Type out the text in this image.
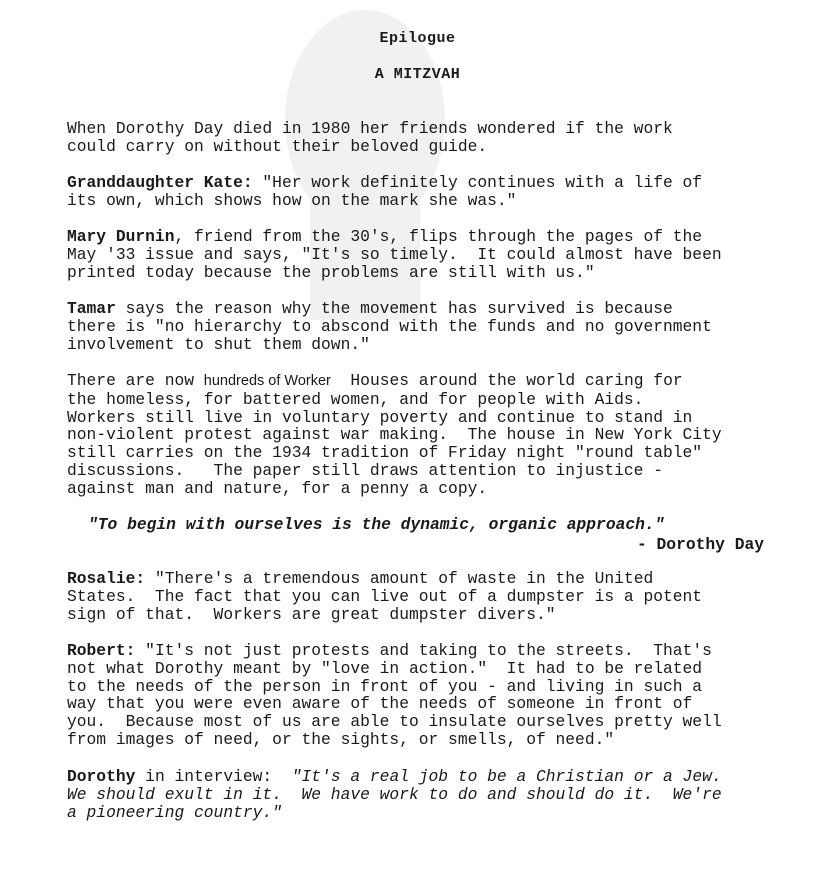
Epilogue
A MITZVAH
When Dorothy Day died in 1980 her friends wondered if the work
could carry on without their beloved guide.
Granddaughter Kate: "Her work definitely continues with a life of
its own, which shows how on the mark she was."
Mary Durnin, friend from the 30's, flips through the pages of the
May '33 issue and says, "It's so timely.  It could almost have been
printed today because the problems are still with us."
Tamar says the reason why the movement has survived is because
there is "no hierarchy to abscond with the funds and no government
involvement to shut them down."
There are now hundreds of Worker  Houses around the world caring for
the homeless, for battered women, and for people with Aids.
Workers still live in voluntary poverty and continue to stand in
non-violent protest against war making.  The house in New York City
still carries on the 1934 tradition of Friday night "round table"
discussions.   The paper still draws attention to injustice -
against man and nature, for a penny a copy.
"To begin with ourselves is the dynamic, organic approach."
- Dorothy Day
Rosalie: "There's a tremendous amount of waste in the United
States.  The fact that you can live out of a dumpster is a potent
sign of that.  Workers are great dumpster divers."
Robert: "It's not just protests and taking to the streets.  That's
not what Dorothy meant by "love in action."  It had to be related
to the needs of the person in front of you - and living in such a
way that you were even aware of the needs of someone in front of
you.  Because most of us are able to insulate ourselves pretty well
from images of need, or the sights, or smells, of need."
Dorothy in interview:  "It's a real job to be a Christian or a Jew.
We should exult in it.  We have work to do and should do it.  We're
a pioneering country."
